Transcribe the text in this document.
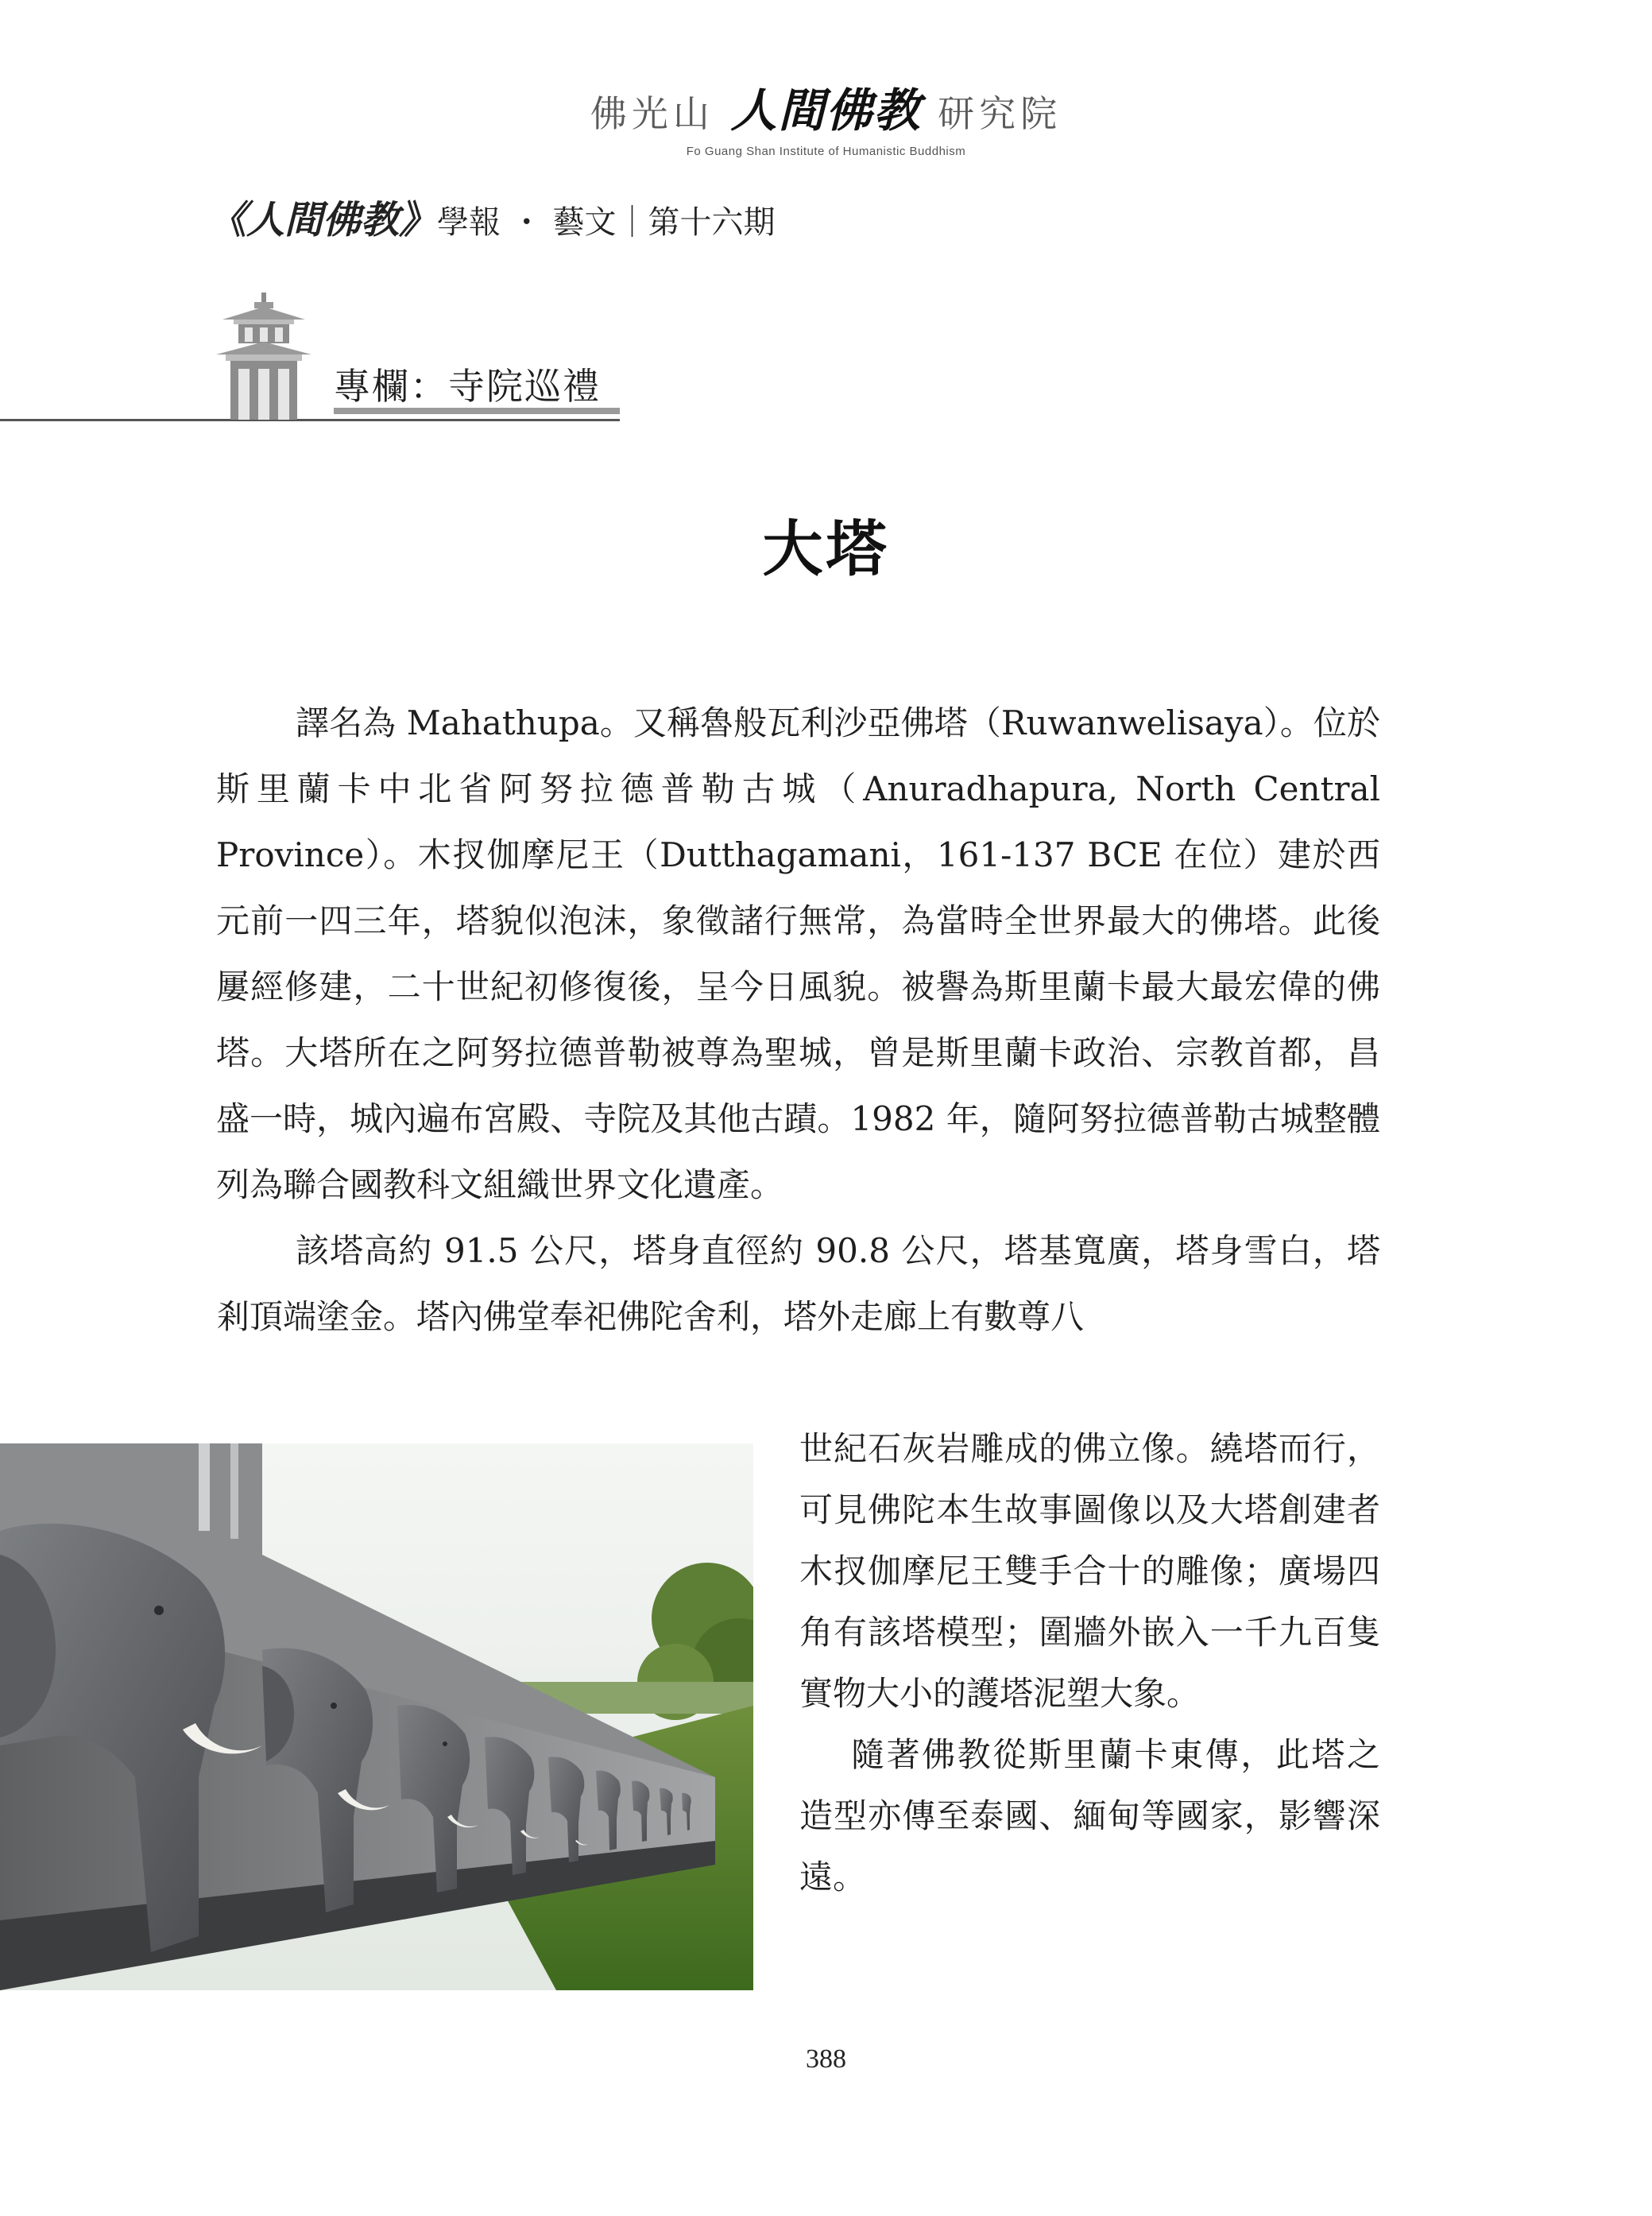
佛光山 人間佛教 研究院
Fo Guang Shan Institute of Humanistic Buddhism
《人間佛教》學報 ・ 藝文｜第十六期
專欄：寺院巡禮
大塔

譯名為 Mahathupa。又稱魯般瓦利沙亞佛塔（Ruwanwelisaya）。位於斯里蘭卡中北省阿努拉德普勒古城（Anuradhapura, North Central Province）。木扠伽摩尼王（Dutthagamani，161-137 BCE 在位）建於西元前一四三年，塔貌似泡沫，象徵諸行無常，為當時全世界最大的佛塔。此後屢經修建，二十世紀初修復後，呈今日風貌。被譽為斯里蘭卡最大最宏偉的佛塔。大塔所在之阿努拉德普勒被尊為聖城，曾是斯里蘭卡政治、宗教首都，昌盛一時，城內遍布宮殿、寺院及其他古蹟。1982 年，隨阿努拉德普勒古城整體列為聯合國教科文組織世界文化遺產。

該塔高約 91.5 公尺，塔身直徑約 90.8 公尺，塔基寬廣，塔身雪白，塔剎頂端塗金。塔內佛堂奉祀佛陀舍利，塔外走廊上有數尊八

世紀石灰岩雕成的佛立像。繞塔而行，可見佛陀本生故事圖像以及大塔創建者木扠伽摩尼王雙手合十的雕像；廣場四角有該塔模型；圍牆外嵌入一千九百隻實物大小的護塔泥塑大象。

隨著佛教從斯里蘭卡東傳，此塔之造型亦傳至泰國、緬甸等國家，影響深遠。

388
